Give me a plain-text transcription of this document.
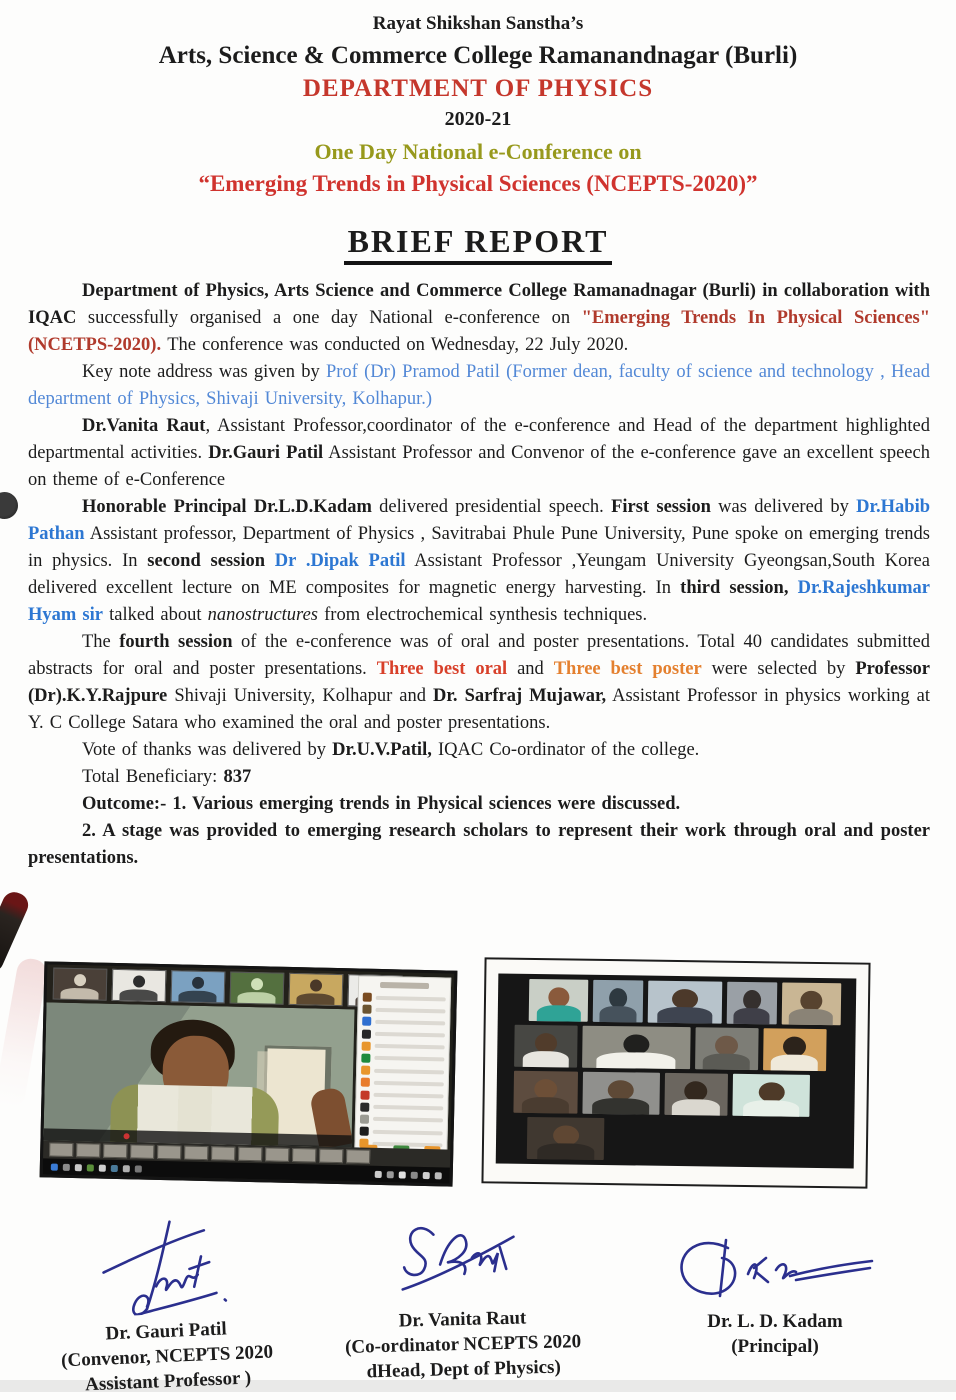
Rayat Shikshan Sanstha’s
Arts, Science & Commerce College Ramanandnagar (Burli)
DEPARTMENT OF PHYSICS
2020-21
One Day National e-Conference on
“Emerging Trends in Physical Sciences (NCEPTS-2020)”
BRIEF REPORT

Department of Physics, Arts Science and Commerce College Ramanadnagar (Burli) in collaboration with IQAC successfully organised a one day National e-conference on "Emerging Trends In Physical Sciences" (NCETPS-2020). The conference was conducted on Wednesday, 22 July 2020.

Key note address was given by Prof (Dr) Pramod Patil (Former dean, faculty of science and technology , Head department of Physics, Shivaji University, Kolhapur.)

Dr.Vanita Raut, Assistant Professor,coordinator of the e-conference and Head of the department highlighted departmental activities. Dr.Gauri Patil Assistant Professor and Convenor of the e-conference gave an excellent speech on theme of e-Conference

Honorable Principal Dr.L.D.Kadam delivered presidential speech. First session was delivered by Dr.Habib Pathan Assistant professor, Department of Physics , Savitrabai Phule Pune University, Pune spoke on emerging trends in physics. In second session Dr .Dipak Patil Assistant Professor ,Yeungam University Gyeongsan,South Korea delivered excellent lecture on ME composites for magnetic energy harvesting. In third session, Dr.Rajeshkumar Hyam sir talked about nanostructures from electrochemical synthesis techniques.

The fourth session of the e-conference was of oral and poster presentations. Total 40 candidates submitted abstracts for oral and poster presentations. Three best oral and Three best poster were selected by Professor (Dr).K.Y.Rajpure Shivaji University, Kolhapur and Dr. Sarfraj Mujawar, Assistant Professor in physics working at Y. C College Satara who examined the oral and poster presentations.

Vote of thanks was delivered by Dr.U.V.Patil, IQAC Co-ordinator of the college.

Total Beneficiary: 837

Outcome:- 1. Various emerging trends in Physical sciences were discussed.

2. A stage was provided to emerging research scholars to represent their work through oral and poster presentations.

Dr. Gauri Patil
(Convenor, NCEPTS 2020
Assistant Professor )
Dr. Vanita Raut
(Co-ordinator NCEPTS 2020
dHead, Dept of Physics)
Dr. L. D. Kadam
(Principal)
